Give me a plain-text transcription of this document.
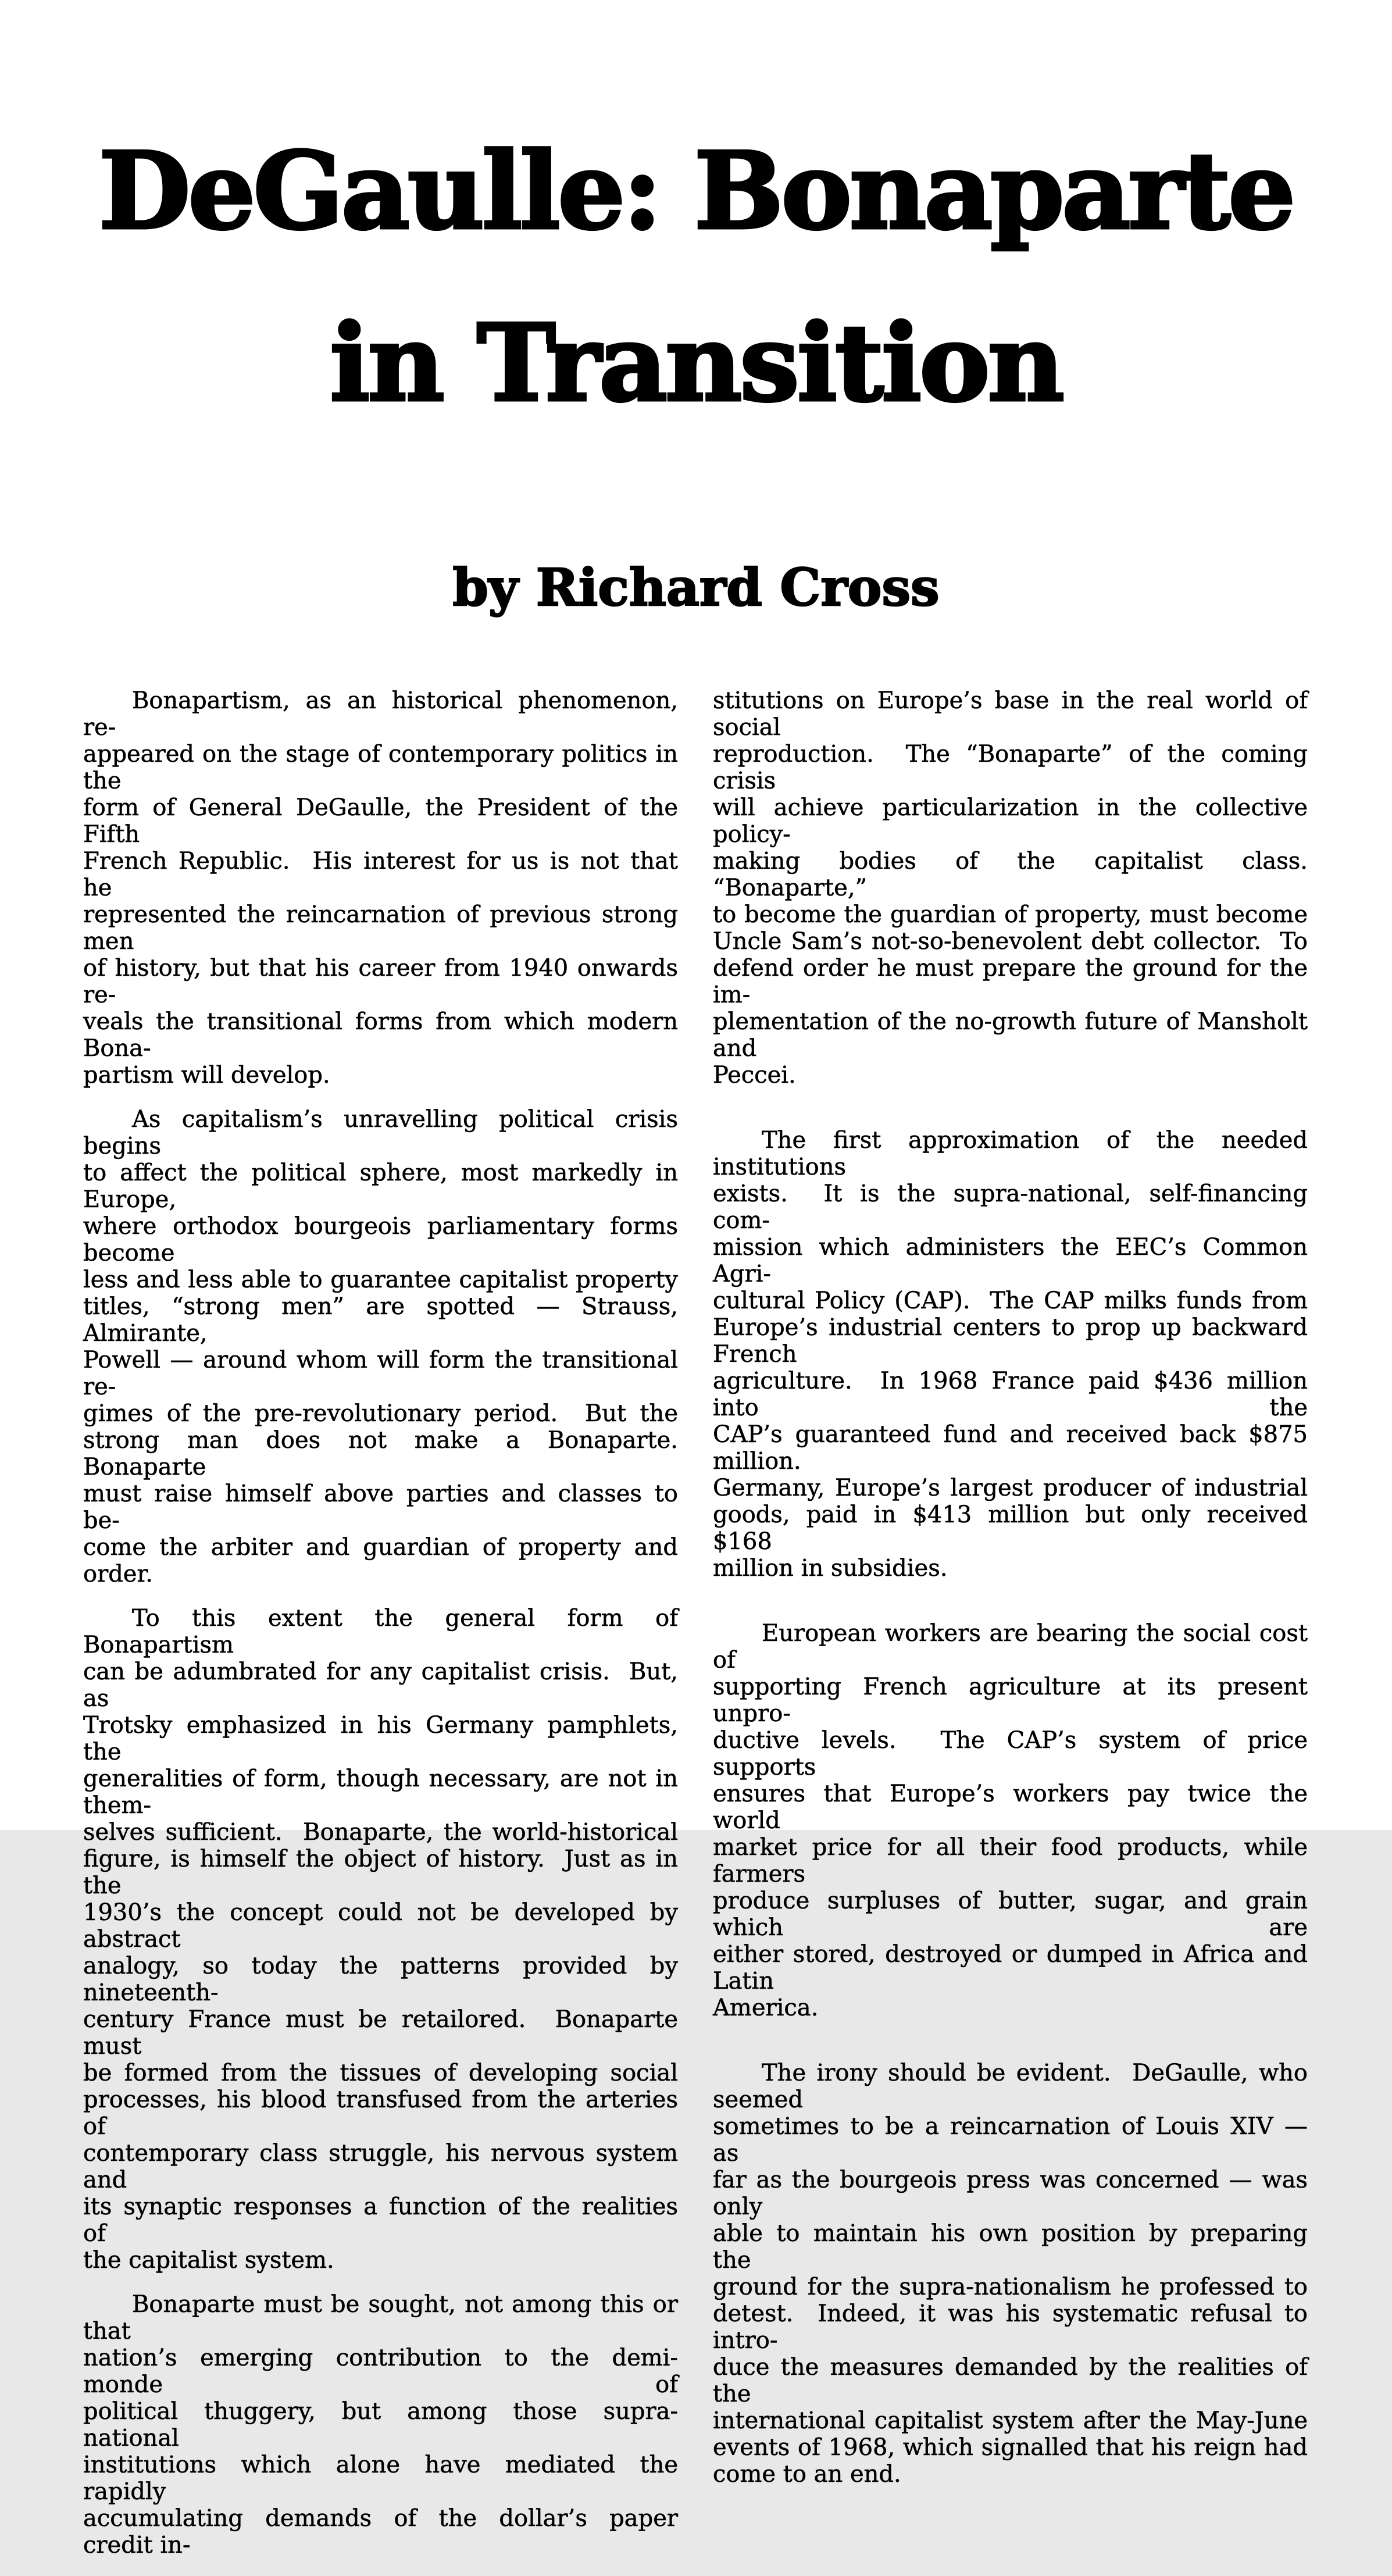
DeGaulle: Bonaparte
in Transition
by Richard Cross
Bonapartism, as an historical phenomenon, re-
appeared on the stage of contemporary politics in the
form of General DeGaulle, the President of the Fifth
French Republic.  His interest for us is not that he
represented the reincarnation of previous strong men
of history, but that his career from 1940 onwards re-
veals the transitional forms from which modern Bona-
partism will develop.
As capitalism’s unravelling political crisis begins
to affect the political sphere, most markedly in Europe,
where orthodox bourgeois parliamentary forms become
less and less able to guarantee capitalist property
titles, “strong men” are spotted — Strauss, Almirante,
Powell — around whom will form the transitional re-
gimes of the pre-revolutionary period.  But the
strong man does not make a Bonaparte.  Bonaparte
must raise himself above parties and classes to be-
come the arbiter and guardian of property and order.
To this extent the general form of Bonapartism
can be adumbrated for any capitalist crisis.  But, as
Trotsky emphasized in his Germany pamphlets, the
generalities of form, though necessary, are not in them-
selves sufficient.  Bonaparte, the world-historical
figure, is himself the object of history.  Just as in the
1930’s the concept could not be developed by abstract
analogy, so today the patterns provided by nineteenth-
century France must be retailored.  Bonaparte must
be formed from the tissues of developing social
processes, his blood transfused from the arteries of
contemporary class struggle, his nervous system and
its synaptic responses a function of the realities of
the capitalist system.
Bonaparte must be sought, not among this or that
nation’s emerging contribution to the demi-monde of
political thuggery, but among those supra-national
institutions which alone have mediated the rapidly
accumulating demands of the dollar’s paper credit in-
stitutions on Europe’s base in the real world of social
reproduction.  The “Bonaparte” of the coming crisis
will achieve particularization in the collective policy-
making bodies of the capitalist class.  “Bonaparte,”
to become the guardian of property, must become
Uncle Sam’s not-so-benevolent debt collector.  To
defend order he must prepare the ground for the im-
plementation of the no-growth future of Mansholt and
Peccei.
The first approximation of the needed institutions
exists.  It is the supra-national, self-financing com-
mission which administers the EEC’s Common Agri-
cultural Policy (CAP).  The CAP milks funds from
Europe’s industrial centers to prop up backward French
agriculture.  In 1968 France paid $436 million into the
CAP’s guaranteed fund and received back $875 million.
Germany, Europe’s largest producer of industrial
goods, paid in $413 million but only received $168
million in subsidies.
European workers are bearing the social cost of
supporting French agriculture at its present unpro-
ductive levels.  The CAP’s system of price supports
ensures that Europe’s workers pay twice the world
market price for all their food products, while farmers
produce surpluses of butter, sugar, and grain which are
either stored, destroyed or dumped in Africa and Latin
America.
The irony should be evident.  DeGaulle, who seemed
sometimes to be a reincarnation of Louis XIV — as
far as the bourgeois press was concerned — was only
able to maintain his own position by preparing the
ground for the supra-nationalism he professed to
detest.  Indeed, it was his systematic refusal to intro-
duce the measures demanded by the realities of the
international capitalist system after the May-June
events of 1968, which signalled that his reign had
come to an end.
